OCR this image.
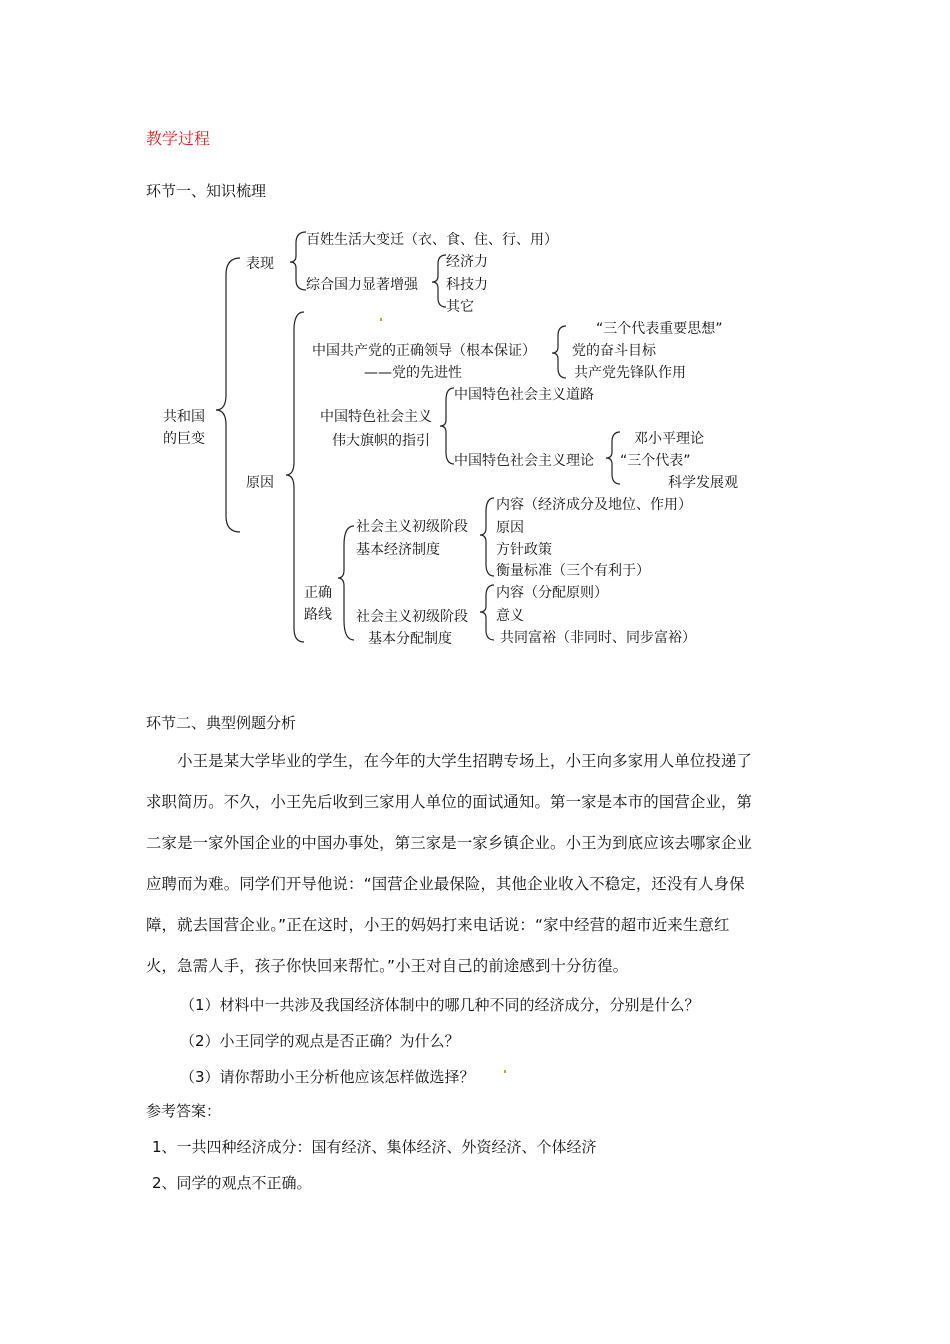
教学过程
环节一、知识梳理
共和国
的巨变
表现
百姓生活大变迁（衣、食、住、行、用）
综合国力显著增强
经济力
科技力
其它
原因
中国共产党的正确领导（根本保证）
——党的先进性
“三个代表重要思想”
党的奋斗目标
共产党先锋队作用
中国特色社会主义
伟大旗帜的指引
中国特色社会主义道路
中国特色社会主义理论
邓小平理论
“三个代表”
科学发展观
正确
路线
社会主义初级阶段
基本经济制度
内容（经济成分及地位、作用）
原因
方针政策
衡量标准（三个有利于）
社会主义初级阶段
基本分配制度
内容（分配原则）
意义
共同富裕（非同时、同步富裕）
环节二、典型例题分析
　　小王是某大学毕业的学生，在今年的大学生招聘专场上，小王向多家用人单位投递了
求职简历。不久，小王先后收到三家用人单位的面试通知。第一家是本市的国营企业，第
二家是一家外国企业的中国办事处，第三家是一家乡镇企业。小王为到底应该去哪家企业
应聘而为难。同学们开导他说：“国营企业最保险，其他企业收入不稳定，还没有人身保
障，就去国营企业。”正在这时，小王的妈妈打来电话说：“家中经营的超市近来生意红
火，急需人手，孩子你快回来帮忙。”小王对自己的前途感到十分彷徨。
（1）材料中一共涉及我国经济体制中的哪几种不同的经济成分，分别是什么？
（2）小王同学的观点是否正确？为什么？
（3）请你帮助小王分析他应该怎样做选择？
参考答案：
1、一共四种经济成分：国有经济、集体经济、外资经济、个体经济
2、同学的观点不正确。
